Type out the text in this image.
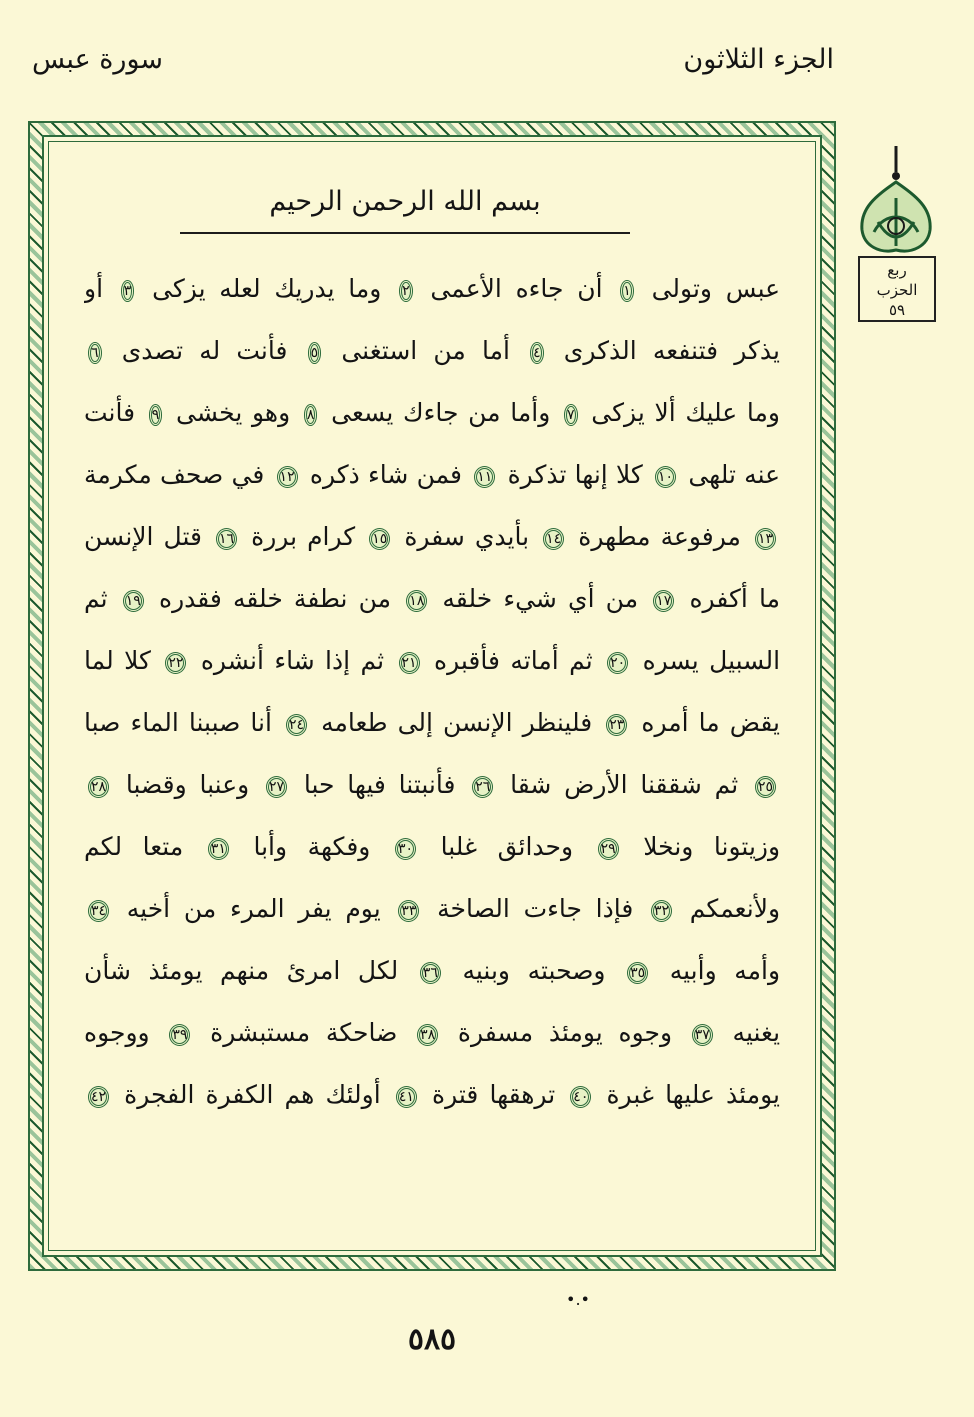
الجزء الثلاثون
سورة عبس
بسم الله الرحمن الرحيم
عبس وتولى ١ أن جاءه الأعمى ٢ وما يدريك لعله يزكى ٣ أو
يذكر فتنفعه الذكرى ٤ أما من استغنى ٥ فأنت له تصدى ٦
وما عليك ألا يزكى ٧ وأما من جاءك يسعى ٨ وهو يخشى ٩ فأنت
عنه تلهى ١٠ كلا إنها تذكرة ١١ فمن شاء ذكره ١٢ في صحف مكرمة
١٣ مرفوعة مطهرة ١٤ بأيدي سفرة ١٥ كرام بررة ١٦ قتل الإنسن
ما أكفره ١٧ من أي شيء خلقه ١٨ من نطفة خلقه فقدره ١٩ ثم
السبيل يسره ٢٠ ثم أماته فأقبره ٢١ ثم إذا شاء أنشره ٢٢ كلا لما
يقض ما أمره ٢٣ فلينظر الإنسن إلى طعامه ٢٤ أنا صببنا الماء صبا
٢٥ ثم شققنا الأرض شقا ٢٦ فأنبتنا فيها حبا ٢٧ وعنبا وقضبا ٢٨
وزيتونا ونخلا ٢٩ وحدائق غلبا ٣٠ وفكهة وأبا ٣١ متعا لكم
ولأنعمكم ٣٢ فإذا جاءت الصاخة ٣٣ يوم يفر المرء من أخيه ٣٤
وأمه وأبيه ٣٥ وصحبته وبنيه ٣٦ لكل امرئ منهم يومئذ شأن
يغنيه ٣٧ وجوه يومئذ مسفرة ٣٨ ضاحكة مستبشرة ٣٩ ووجوه
يومئذ عليها غبرة ٤٠ ترهقها قترة ٤١ أولئك هم الكفرة الفجرة ٤٢
ربع
الحزب
٥٩
•.•
٥٨٥
